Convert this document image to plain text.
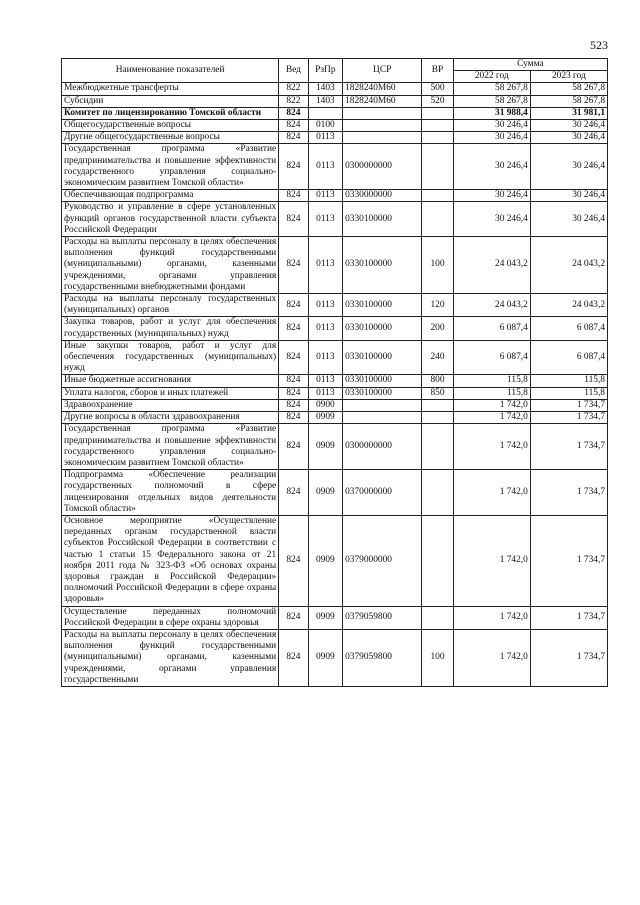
523
Наименование показателей	Вед	РзПр	ЦСР	ВР	Сумма	
					2022 год	2023 год
Межбюджетные трансферты	822	1403	1828240М60	500	58 267,8	58 267,8
Субсидии	822	1403	1828240М60	520	58 267,8	58 267,8
Комитет по лицензированию Томской области	824				31 988,4	31 981,1
Общегосударственные вопросы	824	0100			30 246,4	30 246,4
Другие общегосударственные вопросы	824	0113			30 246,4	30 246,4
Государственная программа «Развитие предпринимательства и повышение эффективности государственного управления социально-экономическим развитием Томской области»	824	0113	0300000000		30 246,4	30 246,4
Обеспечивающая подпрограмма	824	0113	0330000000		30 246,4	30 246,4
Руководство и управление в сфере установленных функций органов государственной власти субъекта Российской Федерации	824	0113	0330100000		30 246,4	30 246,4
Расходы на выплаты персоналу в целях обеспечения выполнения функций государственными (муниципальными) органами, казенными учреждениями, органами управления государственными внебюджетными фондами	824	0113	0330100000	100	24 043,2	24 043,2
Расходы на выплаты персоналу государственных (муниципальных) органов	824	0113	0330100000	120	24 043,2	24 043,2
Закупка товаров, работ и услуг для обеспечения государственных (муниципальных) нужд	824	0113	0330100000	200	6 087,4	6 087,4
Иные закупки товаров, работ и услуг для обеспечения государственных (муниципальных) нужд	824	0113	0330100000	240	6 087,4	6 087,4
Иные бюджетные ассигнования	824	0113	0330100000	800	115,8	115,8
Уплата налогов, сборов и иных платежей	824	0113	0330100000	850	115,8	115,8
Здравоохранение	824	0900			1 742,0	1 734,7
Другие вопросы в области здравоохранения	824	0909			1 742,0	1 734,7
Государственная программа «Развитие предпринимательства и повышение эффективности государственного управления социально-экономическим развитием Томской области»	824	0909	0300000000		1 742,0	1 734,7
Подпрограмма «Обеспечение реализации государственных полномочий в сфере лицензирования отдельных видов деятельности Томской области»	824	0909	0370000000		1 742,0	1 734,7
Основное мероприятие «Осуществление переданных органам государственной власти субъектов Российской Федерации в соответствии с частью 1 статьи 15 Федерального закона от 21 ноября 2011 года № 323-ФЗ «Об основах охраны здоровья граждан в Российской Федерации» полномочий Российской Федерации в сфере охраны здоровья»	824	0909	0379000000		1 742,0	1 734,7
Осуществление переданных полномочий Российской Федерации в сфере охраны здоровья	824	0909	0379059800		1 742,0	1 734,7
Расходы на выплаты персоналу в целях обеспечения выполнения функций государственными (муниципальными) органами, казенными учреждениями, органами управления государственными	824	0909	0379059800	100	1 742,0	1 734,7
